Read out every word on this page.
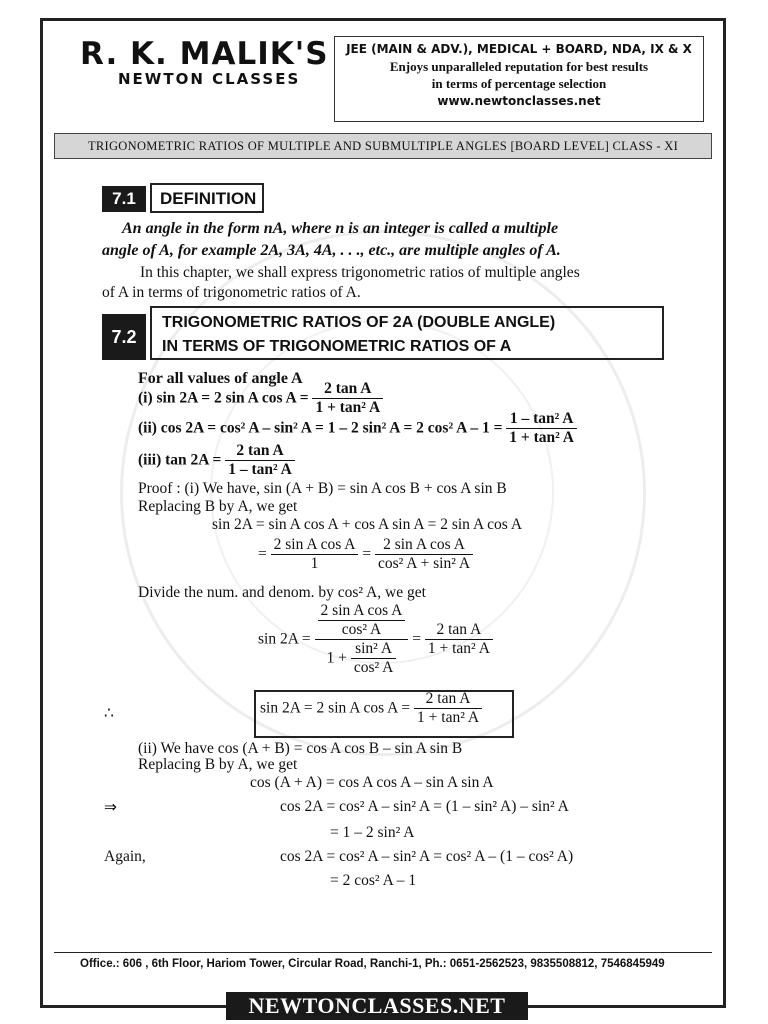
R. K. MALIK'S
NEWTON CLASSES
JEE (MAIN & ADV.), MEDICAL + BOARD, NDA, IX & X
Enjoys unparalleled reputation for best results
in terms of percentage selection
www.newtonclasses.net
TRIGONOMETRIC RATIOS OF MULTIPLE AND SUBMULTIPLE ANGLES [BOARD LEVEL] CLASS - XI
7.1	DEFINITION
An angle in the form nA, where n is an integer is called a multiple
angle of A, for example 2A, 3A, 4A, . . ., etc., are multiple angles of A.
In this chapter, we shall express trigonometric ratios of multiple angles
of A in terms of trigonometric ratios of A.
7.2
TRIGONOMETRIC RATIOS OF 2A (DOUBLE ANGLE)
IN TERMS OF TRIGONOMETRIC RATIOS OF A
For all values of angle A
(i) sin 2A = 2 sin A $\cos A = \frac{\text{2 tan A}}{\text{1 + tan² A}}$
(ii) cos 2A = cos² A – sin² A = 1 – 2 sin² A = 2 cos² $A - 1 = \frac{\text{1 – tan² A}}{\text{1 + tan² A}}$
(iii) $\tan 2A = \frac{\text{2 tan A}}{\text{1 – tan² A}}$
Proof : (i) We have, sin (A + B) = sin A cos B + cos A sin B
Replacing B by A, we get
sin 2A = sin A cos A + cos A sin A = 2 sin A cos A
= $\frac{\text{2 sin A cos A}}{1} = \frac{\text{2 sin A cos A}}{\text{cos² A + sin² A}}$
Divide the num. and denom. by cos² A, we get
$\sin 2A = \frac{\frac{\text{2 sin A cos A}}{\text{cos² A}}}{1 + \frac{\text{sin² A}}{\text{cos² A}}} = \frac{\text{2 tan A}}{\text{1 + tan² A}}$
∴	sin 2A = 2 sin A $\cos A = \frac{\text{2 tan A}}{\text{1 + tan² A}}$
(ii) We have cos (A + B) = cos A cos B – sin A sin B
Replacing B by A, we get
cos (A + A) = cos A cos A – sin A sin A
⇒	cos 2A = cos² A – sin² A = (1 – sin² A) – sin² A
= 1 – 2 sin² A
Again,	cos 2A = cos² A – sin² A = cos² A – (1 – cos² A)
= 2 cos² A – 1
Office.: 606 , 6th Floor, Hariom Tower, Circular Road, Ranchi-1, Ph.: 0651-2562523, 9835508812, 7546845949
NEWTONCLASSES.NET
